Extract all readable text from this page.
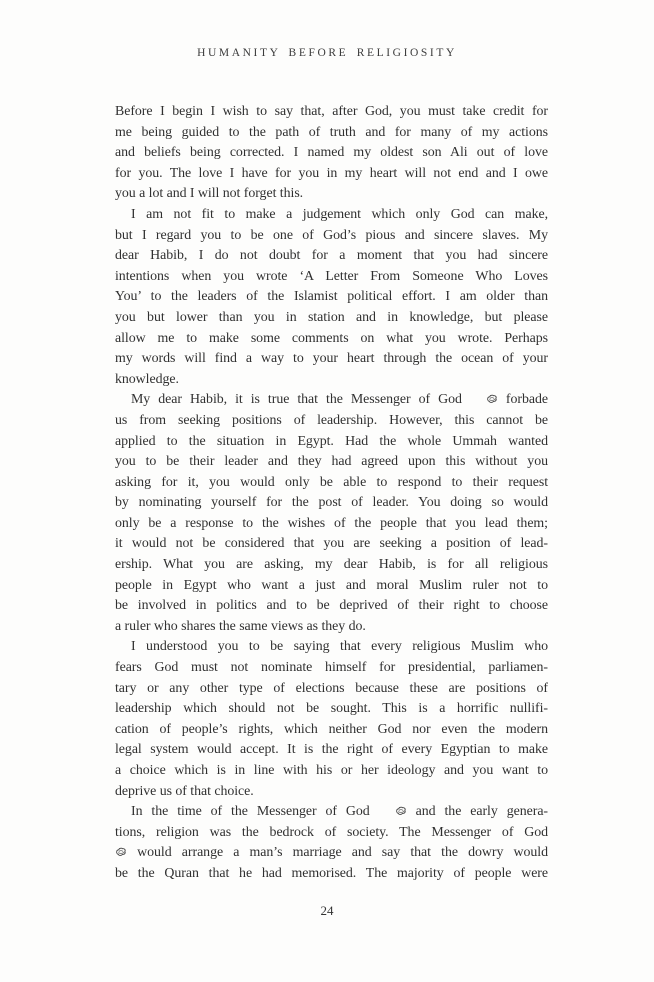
HUMANITY BEFORE RELIGIOSITY
Before I begin I wish to say that, after God, you must take credit for
me being guided to the path of truth and for many of my actions
and beliefs being corrected. I named my oldest son Ali out of love
for you. The love I have for you in my heart will not end and I owe
you a lot and I will not forget this.
I am not fit to make a judgement which only God can make,
but I regard you to be one of God’s pious and sincere slaves. My
dear Habib, I do not doubt for a moment that you had sincere
intentions when you wrote ‘A Letter From Someone Who Loves
You’ to the leaders of the Islamist political effort. I am older than
you but lower than you in station and in knowledge, but please
allow me to make some comments on what you wrote. Perhaps
my words will find a way to your heart through the ocean of your
knowledge.
My dear Habib, it is true that the Messenger of God  forbade
us from seeking positions of leadership. However, this cannot be
applied to the situation in Egypt. Had the whole Ummah wanted
you to be their leader and they had agreed upon this without you
asking for it, you would only be able to respond to their request
by nominating yourself for the post of leader. You doing so would
only be a response to the wishes of the people that you lead them;
it would not be considered that you are seeking a position of lead-
ership. What you are asking, my dear Habib, is for all religious
people in Egypt who want a just and moral Muslim ruler not to
be involved in politics and to be deprived of their right to choose
a ruler who shares the same views as they do.
I understood you to be saying that every religious Muslim who
fears God must not nominate himself for presidential, parliamen-
tary or any other type of elections because these are positions of
leadership which should not be sought. This is a horrific nullifi-
cation of people’s rights, which neither God nor even the modern
legal system would accept. It is the right of every Egyptian to make
a choice which is in line with his or her ideology and you want to
deprive us of that choice.
In the time of the Messenger of God  and the early genera-
tions, religion was the bedrock of society. The Messenger of God
would arrange a man’s marriage and say that the dowry would
be the Quran that he had memorised. The majority of people were
24
